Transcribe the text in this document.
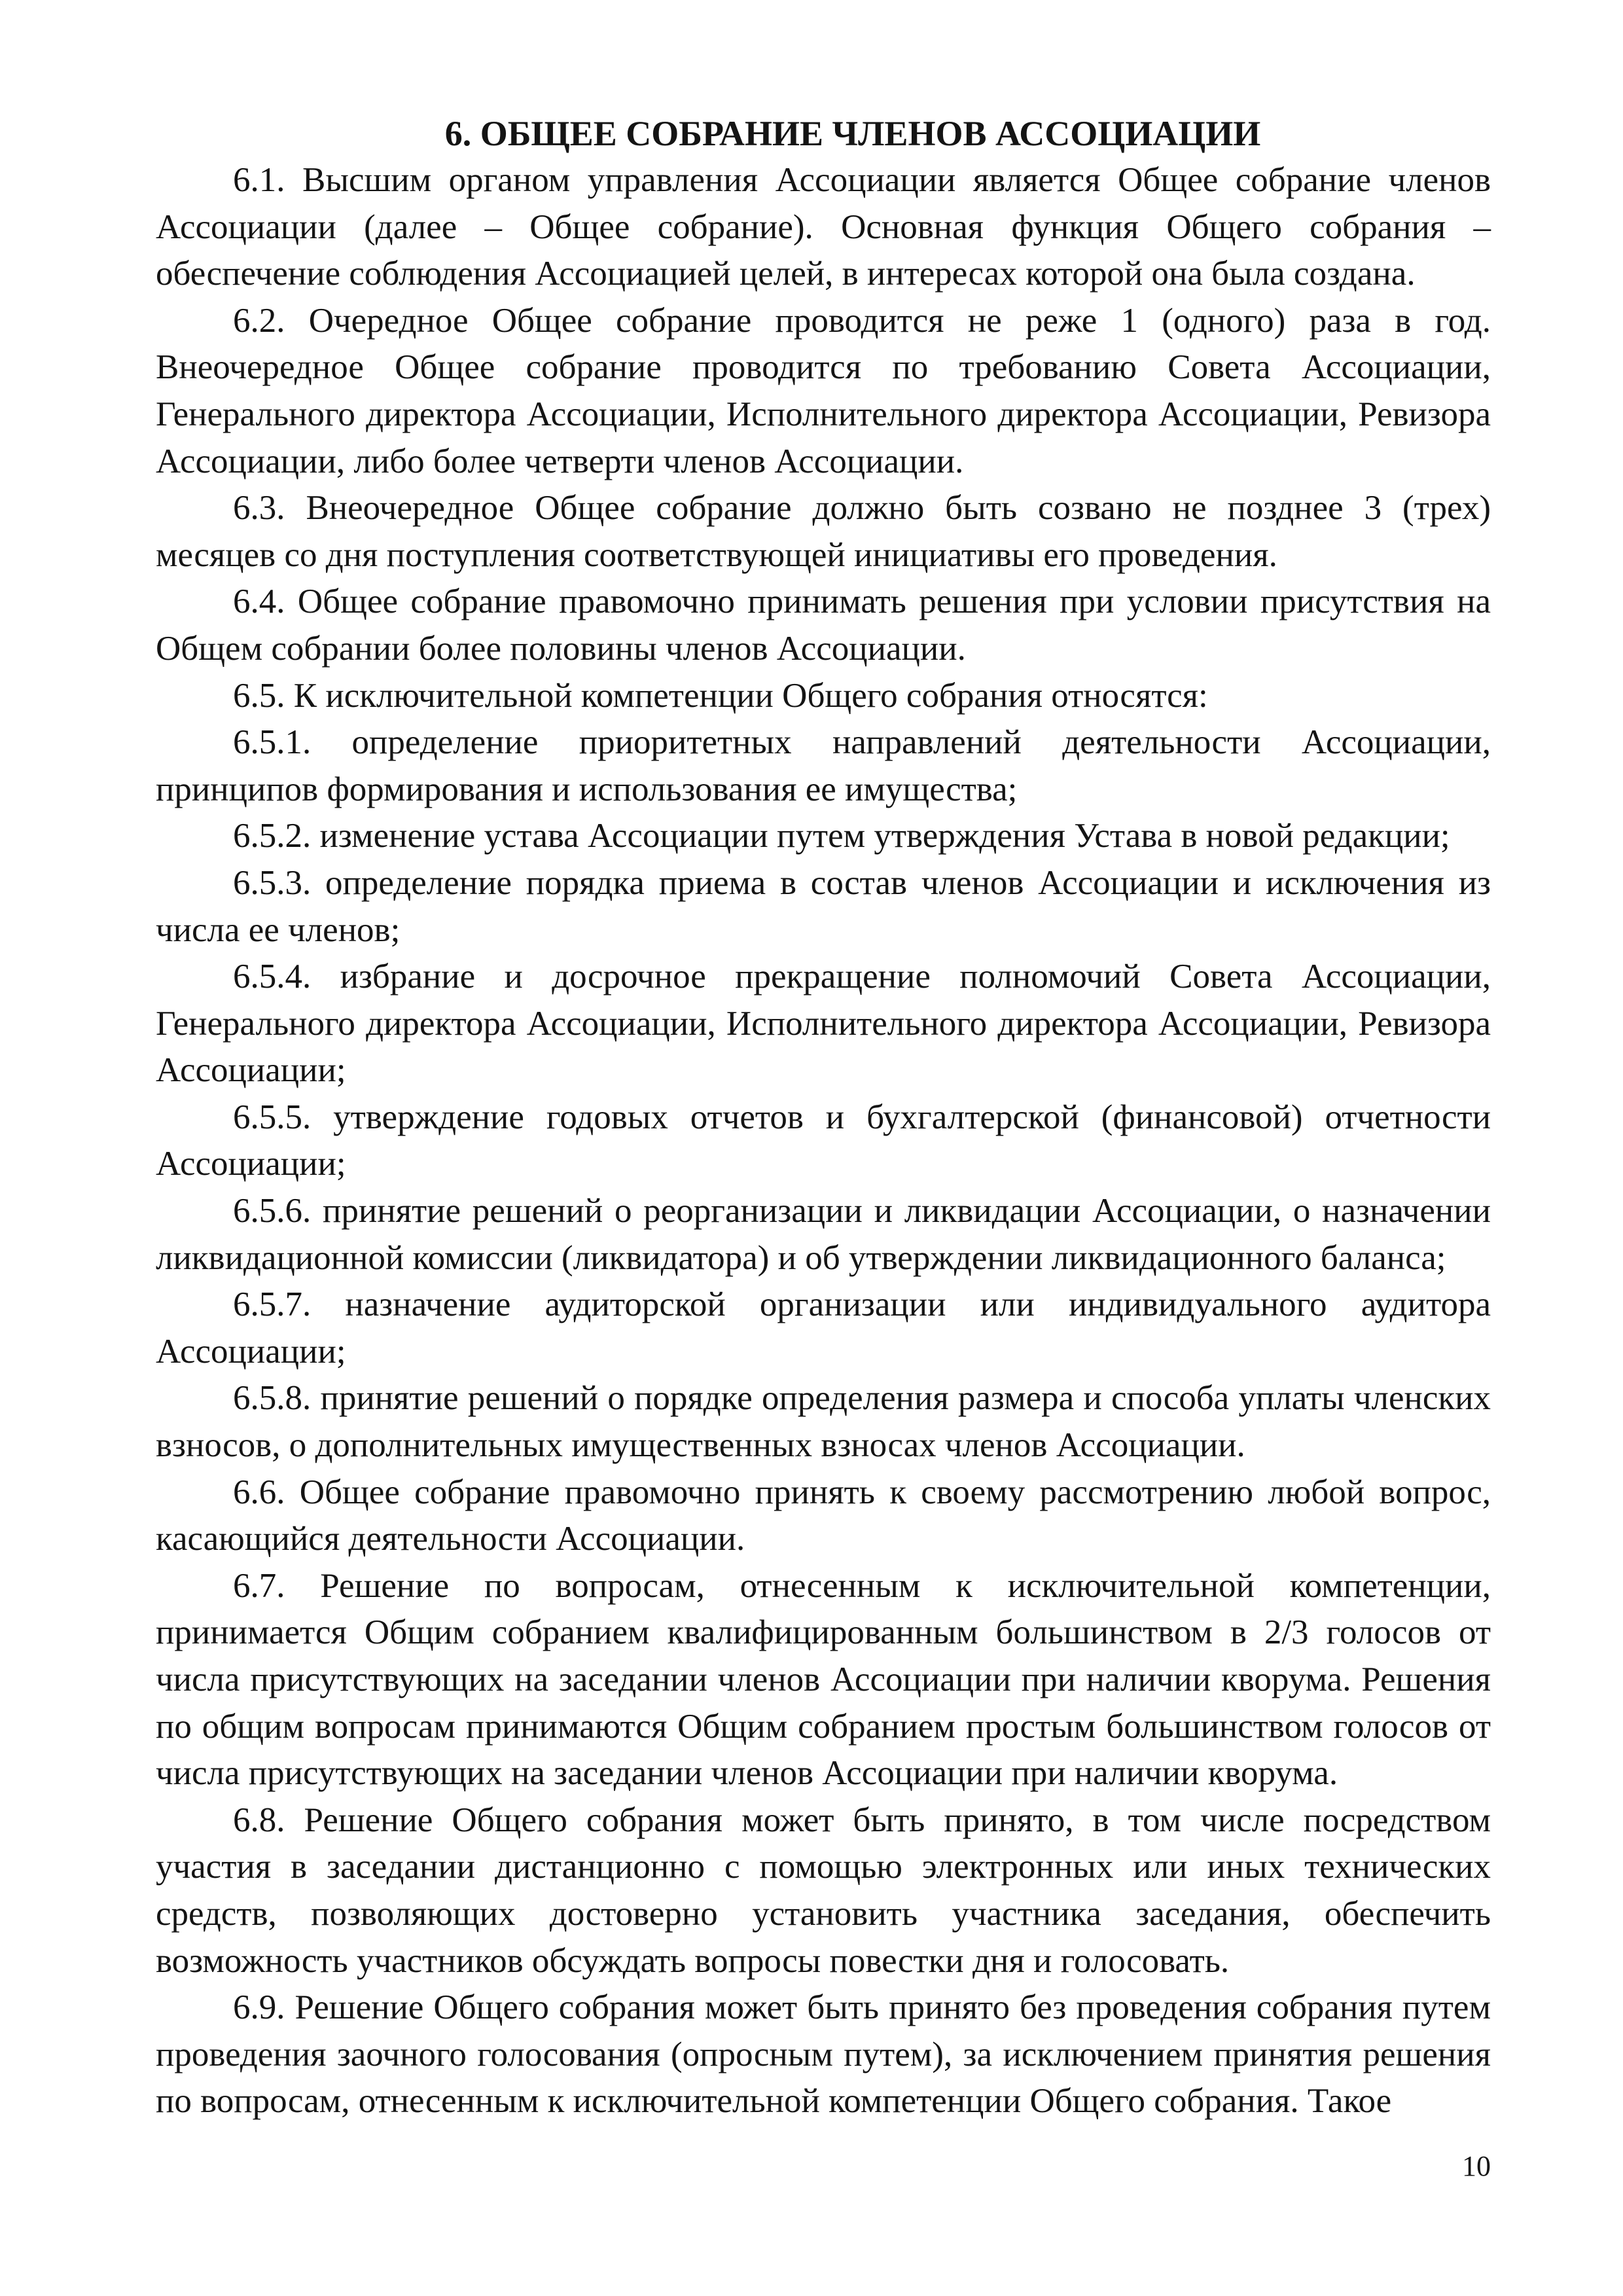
6. ОБЩЕЕ СОБРАНИЕ ЧЛЕНОВ АССОЦИАЦИИ

6.1. Высшим органом управления Ассоциации является Общее собрание членов Ассоциации (далее – Общее собрание). Основная функция Общего собрания – обеспечение соблюдения Ассоциацией целей, в интересах которой она была создана.

6.2. Очередное Общее собрание проводится не реже 1 (одного) раза в год. Внеочередное Общее собрание проводится по требованию Совета Ассоциации, Генерального директора Ассоциации, Исполнительного директора Ассоциации, Ревизора Ассоциации, либо более четверти членов Ассоциации.

6.3. Внеочередное Общее собрание должно быть созвано не позднее 3 (трех) месяцев со дня поступления соответствующей инициативы его проведения.

6.4. Общее собрание правомочно принимать решения при условии присутствия на Общем собрании более половины членов Ассоциации.

6.5. К исключительной компетенции Общего собрания относятся:

6.5.1. определение приоритетных направлений деятельности Ассоциации, принципов формирования и использования ее имущества;

6.5.2. изменение устава Ассоциации путем утверждения Устава в новой редакции;

6.5.3. определение порядка приема в состав членов Ассоциации и исключения из числа ее членов;

6.5.4. избрание и досрочное прекращение полномочий Совета Ассоциации, Генерального директора Ассоциации, Исполнительного директора Ассоциации, Ревизора Ассоциации;

6.5.5. утверждение годовых отчетов и бухгалтерской (финансовой) отчетности Ассоциации;

6.5.6. принятие решений о реорганизации и ликвидации Ассоциации, о назначении ликвидационной комиссии (ликвидатора) и об утверждении ликвидационного баланса;

6.5.7. назначение аудиторской организации или индивидуального аудитора Ассоциации;

6.5.8. принятие решений о порядке определения размера и способа уплаты членских взносов, о дополнительных имущественных взносах членов Ассоциации.

6.6. Общее собрание правомочно принять к своему рассмотрению любой вопрос, касающийся деятельности Ассоциации.

6.7. Решение по вопросам, отнесенным к исключительной компетенции, принимается Общим собранием квалифицированным большинством в 2/3 голосов от числа присутствующих на заседании членов Ассоциации при наличии кворума. Решения по общим вопросам принимаются Общим собранием простым большинством голосов от числа присутствующих на заседании членов Ассоциации при наличии кворума.

6.8. Решение Общего собрания может быть принято, в том числе посредством участия в заседании дистанционно с помощью электронных или иных технических средств, позволяющих достоверно установить участника заседания, обеспечить возможность участников обсуждать вопросы повестки дня и голосовать.

6.9. Решение Общего собрания может быть принято без проведения собрания путем проведения заочного голосования (опросным путем), за исключением принятия решения по вопросам, отнесенным к исключительной компетенции Общего собрания. Такое

10
